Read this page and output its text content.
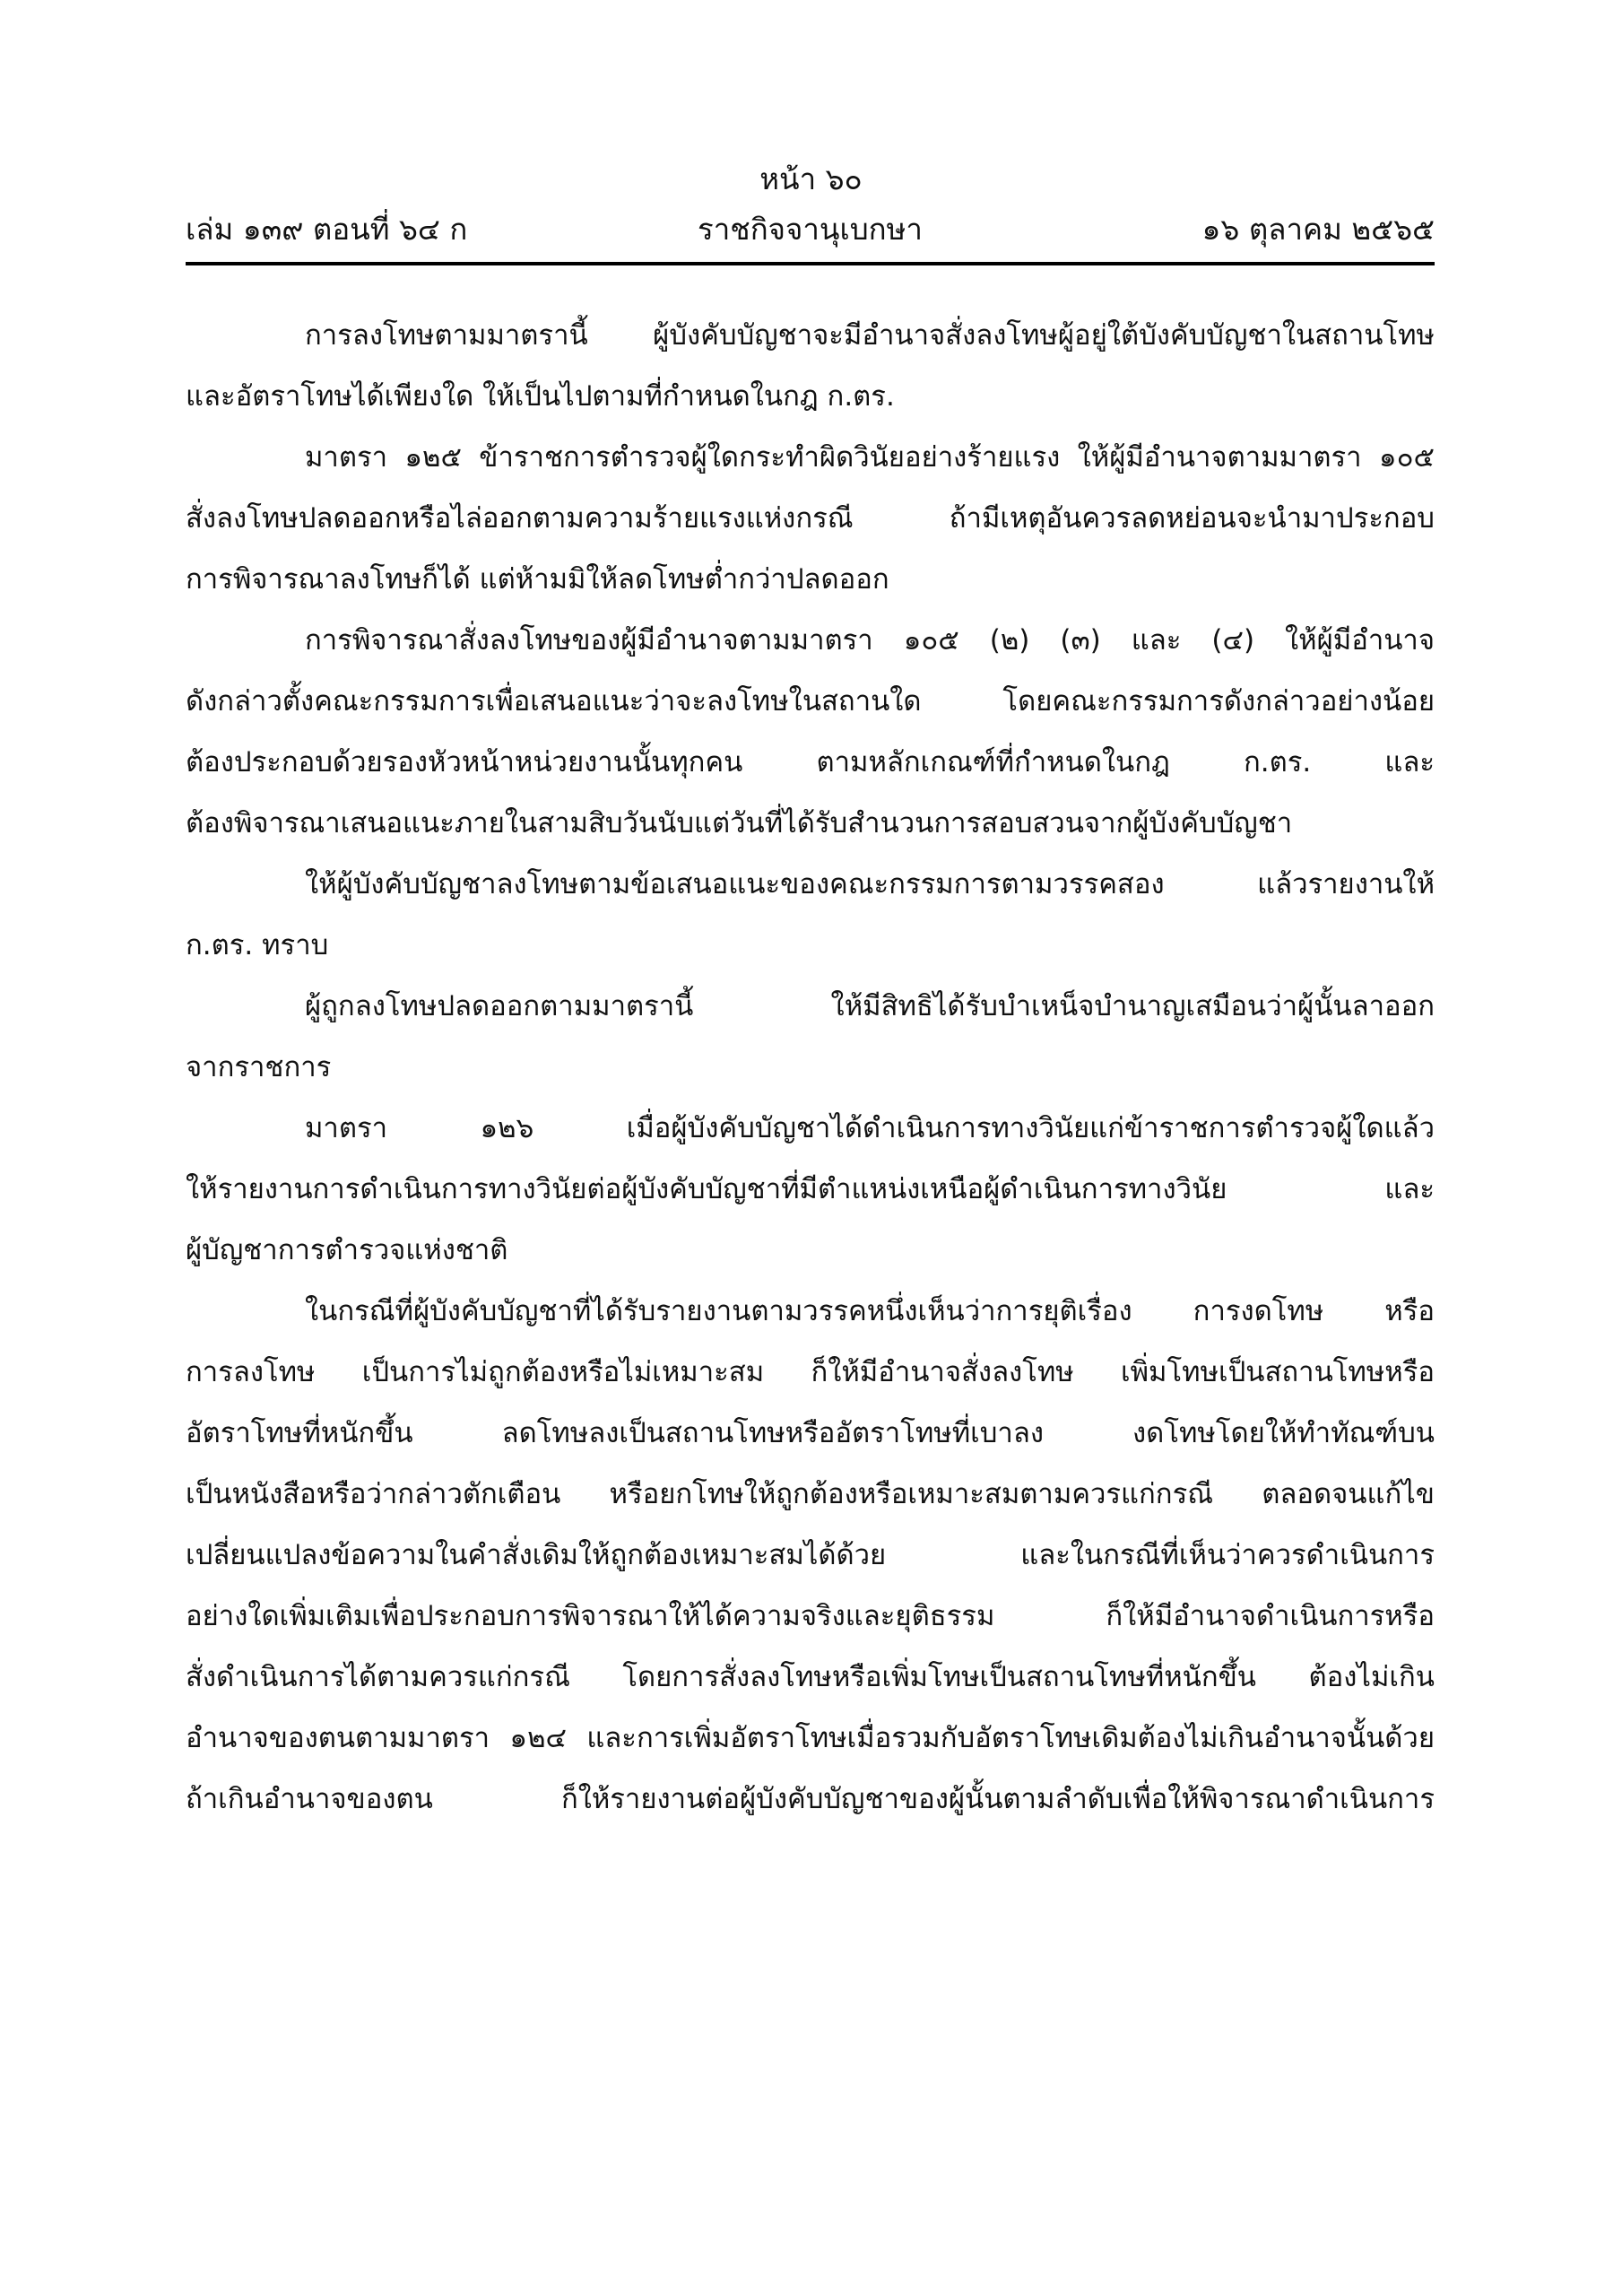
หน้า ๖๐
เล่ม ๑๓๙ ตอนที่ ๖๔ ก	ราชกิจจานุเบกษา	๑๖ ตุลาคม ๒๕๖๕
การลงโทษตามมาตรานี้ ผู้บังคับบัญชาจะมีอำนาจสั่งลงโทษผู้อยู่ใต้บังคับบัญชาในสถานโทษ
และอัตราโทษได้เพียงใด ให้เป็นไปตามที่กำหนดในกฎ ก.ตร.
มาตรา ๑๒๕ ข้าราชการตำรวจผู้ใดกระทำผิดวินัยอย่างร้ายแรง ให้ผู้มีอำนาจตามมาตรา ๑๐๕
สั่งลงโทษปลดออกหรือไล่ออกตามความร้ายแรงแห่งกรณี ถ้ามีเหตุอันควรลดหย่อนจะนำมาประกอบ
การพิจารณาลงโทษก็ได้ แต่ห้ามมิให้ลดโทษต่ำกว่าปลดออก
การพิจารณาสั่งลงโทษของผู้มีอำนาจตามมาตรา ๑๐๕ (๒) (๓) และ (๔) ให้ผู้มีอำนาจ
ดังกล่าวตั้งคณะกรรมการเพื่อเสนอแนะว่าจะลงโทษในสถานใด โดยคณะกรรมการดังกล่าวอย่างน้อย
ต้องประกอบด้วยรองหัวหน้าหน่วยงานนั้นทุกคน ตามหลักเกณฑ์ที่กำหนดในกฎ ก.ตร. และ
ต้องพิจารณาเสนอแนะภายในสามสิบวันนับแต่วันที่ได้รับสำนวนการสอบสวนจากผู้บังคับบัญชา
ให้ผู้บังคับบัญชาลงโทษตามข้อเสนอแนะของคณะกรรมการตามวรรคสอง แล้วรายงานให้
ก.ตร. ทราบ
ผู้ถูกลงโทษปลดออกตามมาตรานี้ ให้มีสิทธิได้รับบำเหน็จบำนาญเสมือนว่าผู้นั้นลาออก
จากราชการ
มาตรา ๑๒๖ เมื่อผู้บังคับบัญชาได้ดำเนินการทางวินัยแก่ข้าราชการตำรวจผู้ใดแล้ว
ให้รายงานการดำเนินการทางวินัยต่อผู้บังคับบัญชาที่มีตำแหน่งเหนือผู้ดำเนินการทางวินัย และ
ผู้บัญชาการตำรวจแห่งชาติ
ในกรณีที่ผู้บังคับบัญชาที่ได้รับรายงานตามวรรคหนึ่งเห็นว่าการยุติเรื่อง การงดโทษ หรือ
การลงโทษ เป็นการไม่ถูกต้องหรือไม่เหมาะสม ก็ให้มีอำนาจสั่งลงโทษ เพิ่มโทษเป็นสถานโทษหรือ
อัตราโทษที่หนักขึ้น ลดโทษลงเป็นสถานโทษหรืออัตราโทษที่เบาลง งดโทษโดยให้ทำทัณฑ์บน
เป็นหนังสือหรือว่ากล่าวตักเตือน หรือยกโทษให้ถูกต้องหรือเหมาะสมตามควรแก่กรณี ตลอดจนแก้ไข
เปลี่ยนแปลงข้อความในคำสั่งเดิมให้ถูกต้องเหมาะสมได้ด้วย และในกรณีที่เห็นว่าควรดำเนินการ
อย่างใดเพิ่มเติมเพื่อประกอบการพิจารณาให้ได้ความจริงและยุติธรรม ก็ให้มีอำนาจดำเนินการหรือ
สั่งดำเนินการได้ตามควรแก่กรณี โดยการสั่งลงโทษหรือเพิ่มโทษเป็นสถานโทษที่หนักขึ้น ต้องไม่เกิน
อำนาจของตนตามมาตรา ๑๒๔ และการเพิ่มอัตราโทษเมื่อรวมกับอัตราโทษเดิมต้องไม่เกินอำนาจนั้นด้วย
ถ้าเกินอำนาจของตน ก็ให้รายงานต่อผู้บังคับบัญชาของผู้นั้นตามลำดับเพื่อให้พิจารณาดำเนินการ
